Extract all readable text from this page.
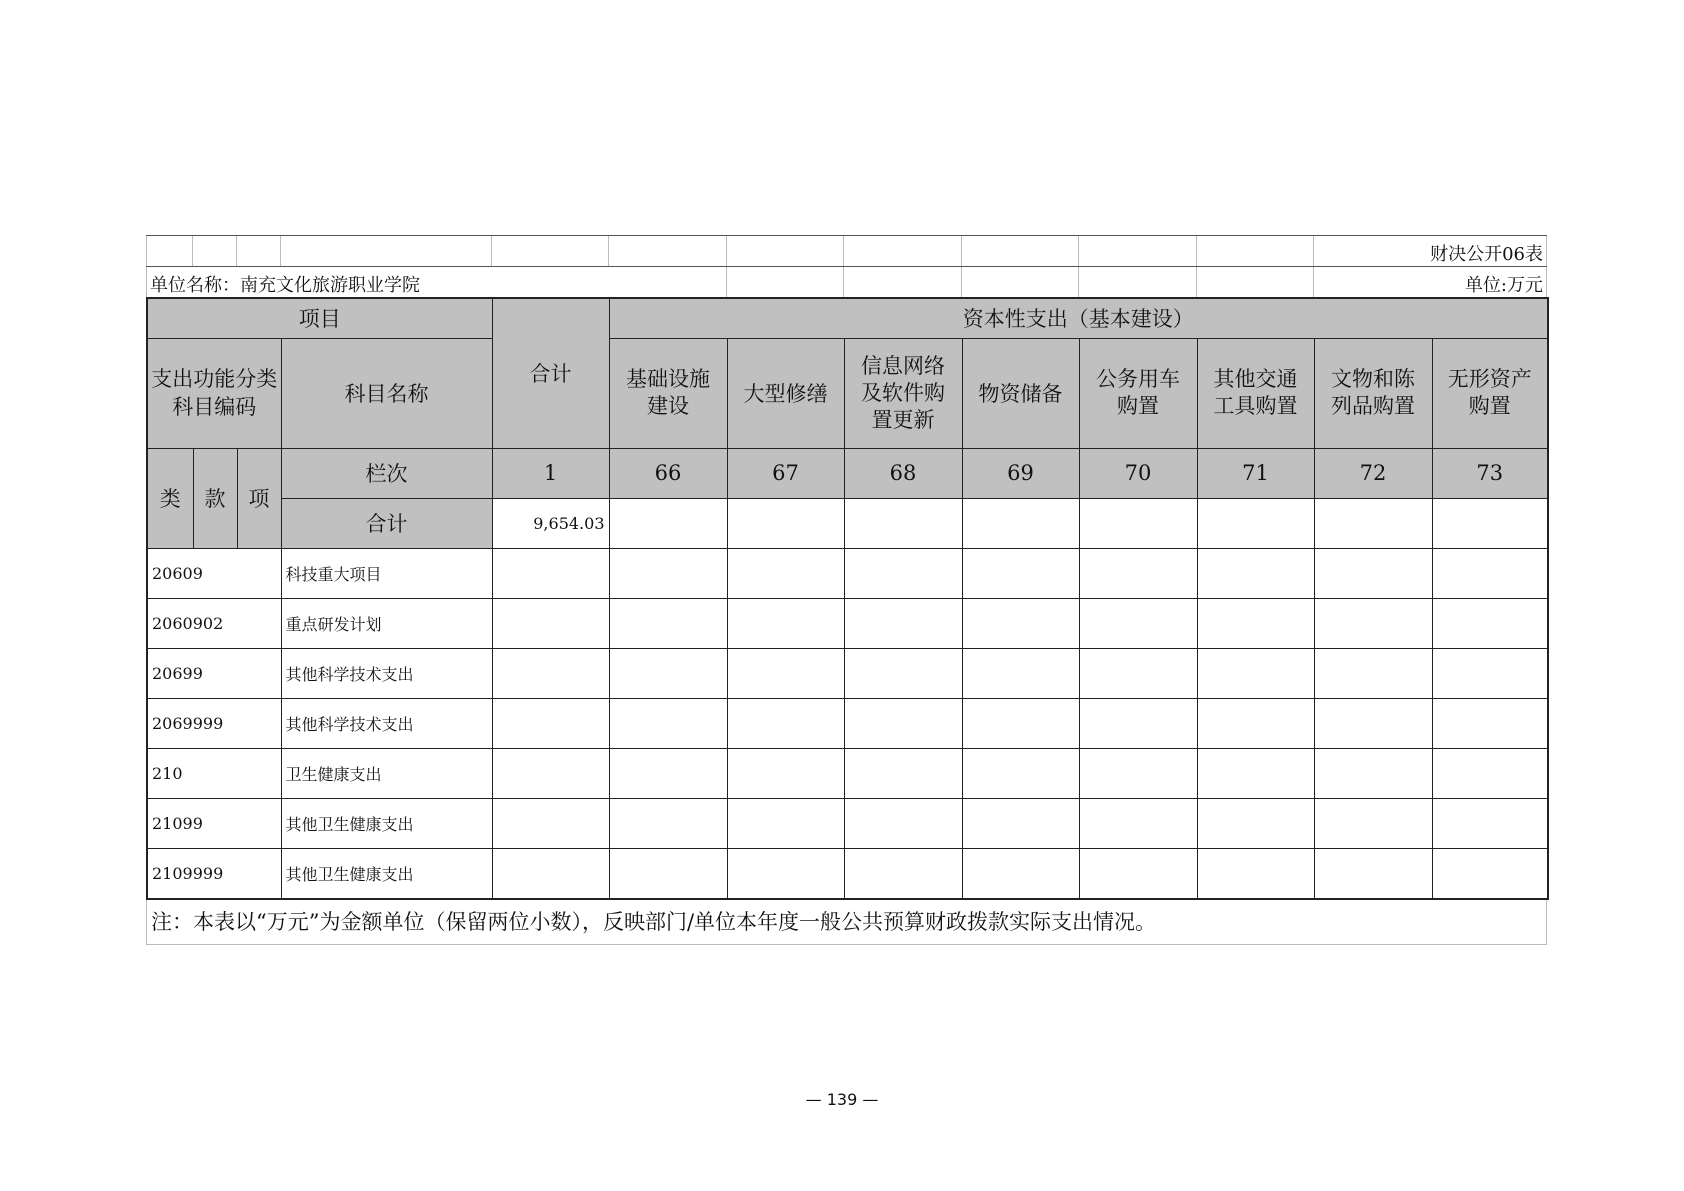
财决公开06表
单位名称：南充文化旅游职业学院	单位:万元
项目				合计	资本性支出（基本建设）							

支出功能分类科目编码			科目名称		基础设施建设	大型修缮	信息网络及软件购置更新	物资储备	公务用车购置	其他交通工具购置	文物和陈列品购置	无形资产购置

类	款	项	栏次	1	66	67	68	69	70	71	72	73
			合计	9,654.03								
20609			科技重大项目									
2060902			重点研发计划									
20699			其他科学技术支出									
2069999			其他科学技术支出									
210			卫生健康支出									
21099			其他卫生健康支出									
2109999			其他卫生健康支出									
注：本表以“万元”为金额单位（保留两位小数），反映部门/单位本年度一般公共预算财政拨款实际支出情况。
— 139 —
